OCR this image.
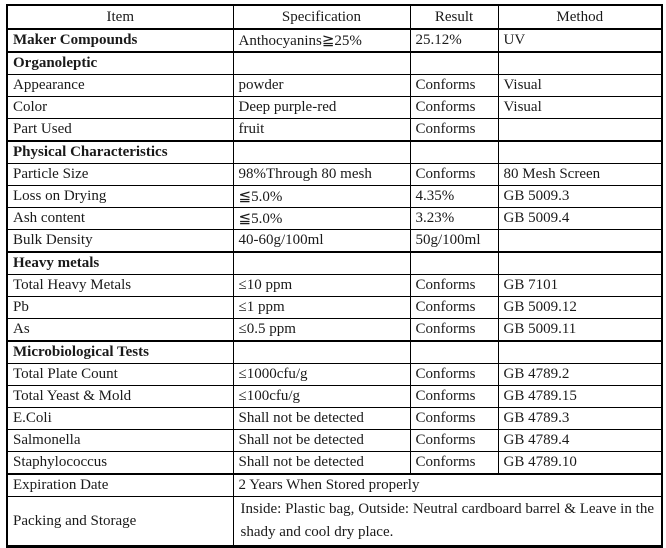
Item	Specification	Result	Method
Maker Compounds	Anthocyanins≧25%	25.12%	UV
Organoleptic			
Appearance	powder	Conforms	Visual
Color	Deep purple-red	Conforms	Visual
Part Used	fruit	Conforms	
Physical Characteristics			
Particle Size	98%Through 80 mesh	Conforms	80 Mesh Screen
Loss on Drying	≦5.0%	4.35%	GB 5009.3
Ash content	≦5.0%	3.23%	GB 5009.4
Bulk Density	40-60g/100ml	50g/100ml	
Heavy metals			
Total Heavy Metals	≤10 ppm	Conforms	GB 7101
Pb	≤1 ppm	Conforms	GB 5009.12
As	≤0.5 ppm	Conforms	GB 5009.11
Microbiological Tests			
Total Plate Count	≤1000cfu/g	Conforms	GB 4789.2
Total Yeast & Mold	≤100cfu/g	Conforms	GB 4789.15
E.Coli	Shall not be detected	Conforms	GB 4789.3
Salmonella	Shall not be detected	Conforms	GB 4789.4
Staphylococcus	Shall not be detected	Conforms	GB 4789.10
Expiration Date	2 Years When Stored properly		
Packing and Storage	Inside: Plastic bag, Outside: Neutral cardboard barrel & Leave in the shady and cool dry place.		
